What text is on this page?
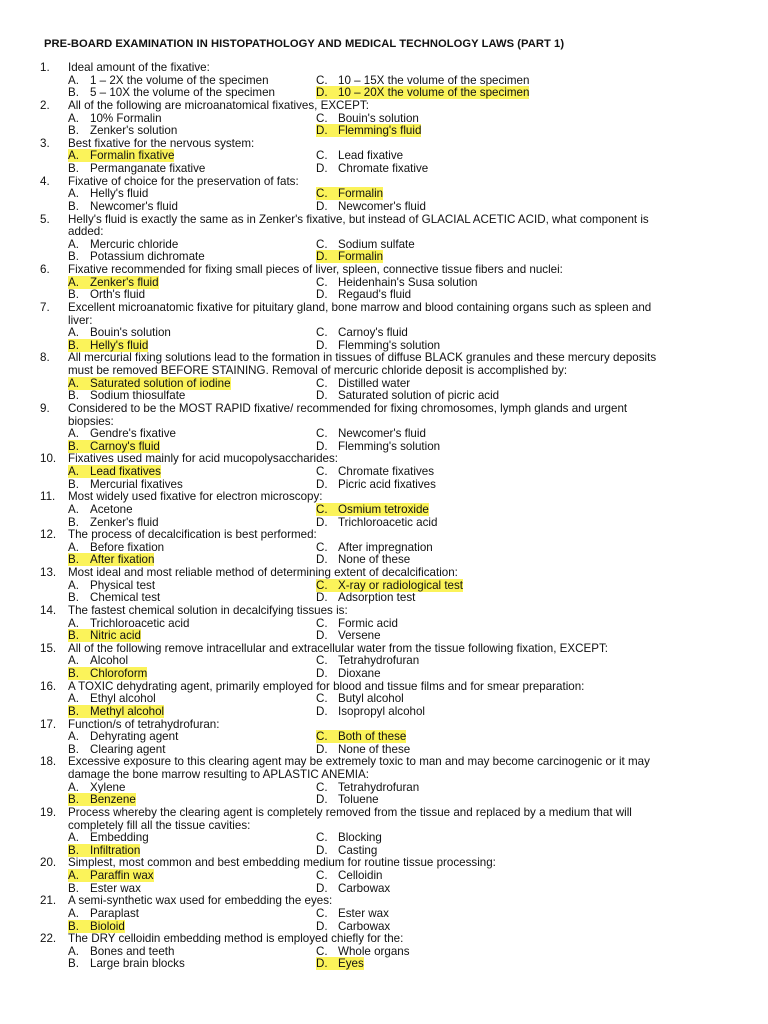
PRE-BOARD EXAMINATION IN HISTOPATHOLOGY AND MEDICAL TECHNOLOGY LAWS (PART 1)
1.	Ideal amount of the fixative:
A. 1 – 2X the volume of the specimen	C. 10 – 15X the volume of the specimen
B. 5 – 10X the volume of the specimen	D. 10 – 20X the volume of the specimen
2.	All of the following are microanatomical fixatives, EXCEPT:
A. 10% Formalin	C. Bouin's solution
B. Zenker's solution	D. Flemming's fluid
3.	Best fixative for the nervous system:
A. Formalin fixative	C. Lead fixative
B. Permanganate fixative	D. Chromate fixative
4.	Fixative of choice for the preservation of fats:
A. Helly's fluid	C. Formalin
B. Newcomer's fluid	D. Newcomer's fluid
5.	Helly's fluid is exactly the same as in Zenker's fixative, but instead of GLACIAL ACETIC ACID, what component is
added:
A. Mercuric chloride	C. Sodium sulfate
B. Potassium dichromate	D. Formalin
6.	Fixative recommended for fixing small pieces of liver, spleen, connective tissue fibers and nuclei:
A. Zenker's fluid	C. Heidenhain's Susa solution
B. Orth's fluid	D. Regaud's fluid
7.	Excellent microanatomic fixative for pituitary gland, bone marrow and blood containing organs such as spleen and
liver:
A. Bouin's solution	C. Carnoy's fluid
B. Helly's fluid	D. Flemming's solution
8.	All mercurial fixing solutions lead to the formation in tissues of diffuse BLACK granules and these mercury deposits
must be removed BEFORE STAINING. Removal of mercuric chloride deposit is accomplished by:
A. Saturated solution of iodine	C. Distilled water
B. Sodium thiosulfate	D. Saturated solution of picric acid
9.	Considered to be the MOST RAPID fixative/ recommended for fixing chromosomes, lymph glands and urgent
biopsies:
A. Gendre's fixative	C. Newcomer's fluid
B. Carnoy's fluid	D. Flemming's solution
10.	Fixatives used mainly for acid mucopolysaccharides:
A. Lead fixatives	C. Chromate fixatives
B. Mercurial fixatives	D. Picric acid fixatives
11.	Most widely used fixative for electron microscopy:
A. Acetone	C. Osmium tetroxide
B. Zenker's fluid	D. Trichloroacetic acid
12.	The process of decalcification is best performed:
A. Before fixation	C. After impregnation
B. After fixation	D. None of these
13.	Most ideal and most reliable method of determining extent of decalcification:
A. Physical test	C. X-ray or radiological test
B. Chemical test	D. Adsorption test
14.	The fastest chemical solution in decalcifying tissues is:
A. Trichloroacetic acid	C. Formic acid
B. Nitric acid	D. Versene
15.	All of the following remove intracellular and extracellular water from the tissue following fixation, EXCEPT:
A. Alcohol	C. Tetrahydrofuran
B. Chloroform	D. Dioxane
16.	A TOXIC dehydrating agent, primarily employed for blood and tissue films and for smear preparation:
A. Ethyl alcohol	C. Butyl alcohol
B. Methyl alcohol	D. Isopropyl alcohol
17.	Function/s of tetrahydrofuran:
A. Dehyrating agent	C. Both of these
B. Clearing agent	D. None of these
18.	Excessive exposure to this clearing agent may be extremely toxic to man and may become carcinogenic or it may
damage the bone marrow resulting to APLASTIC ANEMIA:
A. Xylene	C. Tetrahydrofuran
B. Benzene	D. Toluene
19.	Process whereby the clearing agent is completely removed from the tissue and replaced by a medium that will
completely fill all the tissue cavities:
A. Embedding	C. Blocking
B. Infiltration	D. Casting
20.	Simplest, most common and best embedding medium for routine tissue processing:
A. Paraffin wax	C. Celloidin
B. Ester wax	D. Carbowax
21.	A semi-synthetic wax used for embedding the eyes:
A. Paraplast	C. Ester wax
B. Bioloid	D. Carbowax
22.	The DRY celloidin embedding method is employed chiefly for the:
A. Bones and teeth	C. Whole organs
B. Large brain blocks	D. Eyes
